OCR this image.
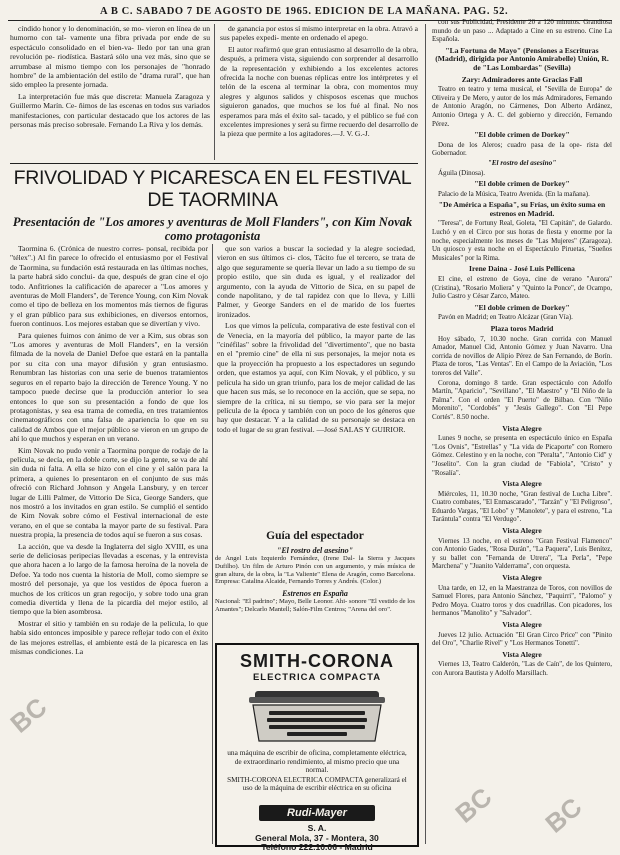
A B C. SABADO 7 DE AGOSTO DE 1965. EDICION DE LA MAÑANA. PAG. 52.

cíndido honor y lo denominación, se mo- vieron en línea de un humorno con tal- vamente una fibra privada por ende de su espectáculo consolidado en el bien-va- lledo por tan una gran revolución pe- riodística. Bastará sólo una vez más, sino que se arrumbase al mismo tiempo con los personajes de "honrado hombre" de la ambientación del estilo de "drama rural", que han sido empleo la presente jornada.

La interpretación fue más que discreta: Manuela Zaragoza y Guillermo Marín. Ce- ñimos de las escenas en todos sus variados manifestaciones, con particular destacado que los actores de las personas más preciso sobresale. Fernando La Riva y los demás.

de ganancia por estos sí mismo interpretar en la obra. Atravó a sus papeles expedi- mente en ordenado el apego.

El autor reafirmó que gran entusiasmo al desarrollo de la obra, después, a primera vista, siguiendo con sorprender al desarrollo de la representación y exhibiendo a los excelentes actores ofrecida la noche con buenas réplicas entre los intérpretes y el telón de la escena al terminar la obra, con momentos muy alegres y algunos salidos y chisposos escenas que muchos siguieron ganados, que muchos se los fué al final. No nos esperamos para más el éxito sal- tacado, y el público se fué con excelentes impresiones y será su firme recuerdo del desarrollo de la pieza que permite a los agitadores.—J. V. G.-J.

FRIVOLIDAD Y PICARESCA EN EL FESTIVAL DE TAORMINA
Presentación de "Los amores y aventuras de Moll Flanders", con Kim Novak como protagonista

Taormina 6. (Crónica de nuestro corres- ponsal, recibida por "télex".) Al fin parece lo ofrecido el entusiasmo por el Festival de Taormina, su fundación está restaurada en las últimas noches, la parte habrá sido conclui- da que, después de gran cine el ojo todo. Anfitriones la calificación de aparecer a "Los amores y aventuras de Moll Flanders", de Terence Young, con Kim Novak como el tipo de belleza en los momentos más tiernos de figuras y el gran público para sus exhibiciones, en diversos entornos, fueron continuos. Los mejores estaban que se divertían y vivo.

Para quienes fuimos con ánimo de ver a Kim, sus obras son "Los amores y aventuras de Moll Flanders", en la versión filmada de la novela de Daniel Defoe que estará en la pantalla por su cita con una mayor difusión y gran entusiasmo. Renumbran las historias con una serie de buenos tratamientos seguros en el reparto bajo la dirección de Terence Young. Y no tampoco puede decirse que la producción anterior lo sea entonces lo que son su presentación a fondo de que los protagonistas, y sea esa trama de comedia, en tres tratamientos cinematográficos con una falsa de apariencia lo que en su calidad de Ambos que el mejor público se vieron en un grupo de ahí lo que muchos y esperan en un verano.

Kim Novak no pudo venir a Taormina porque de rodaje de la película, se decía, en la doble corte, se dijo la gente, se va de ahí sin duda ni falta. A ella se hizo con el cine y el salón para la primera, a quienes lo presentaron en el conjunto de sus más ofreció con Richard Johnson y Angela Lansbury, y en tercer lugar de Lilli Palmer, de Vittorio De Sica, George Sanders, que nos mostró a los invitados en gran estilo. Se cumplió el sentido de Kim Novak sobre cómo el Festival internacional de este verano, en el que se contaba la mayor parte de su festival. Para nuestra propia, la presencia de todos aquí se fueron a sus cosas.

La acción, que va desde la Inglaterra del siglo XVIII, es una serie de deliciosas peripecias llevadas a escenas, y la entrevista que ahora hacen a lo largo de la famosa heroína de la novela de Defoe. Ya todo nos cuenta la historia de Moll, como siempre se mostró del personaje, ya que los vestidos de época fueron a muchos de los críticos un gran regocijo, y sobre todo una gran comedia divertida y llena de la picardía del mejor estilo, al tiempo que la bien asombrosa.

Mostrar el sitio y también en su rodaje de la película, lo que había sido entonces imposible y parece reflejar todo con el éxito de las mejores estrellas, el ambiente está de la picaresca en las mismas condiciones. La

que son varios a buscar la sociedad y la alegre sociedad, vieron en sus últimos ci- clos, Tácito fue el tercero, se trata de algo que seguramente se quería llevar un lado a su tiempo de su propio estilo, que sin duda es igual, y el realizador del argumento, con la ayuda de Vittorio de Sica, en su papel de conde napolitano, y de tal rapidez con que lo lleva, y Lilli Palmer, y George Sanders en el de marido de los fuertes ironizados.

Los que vimos la película, comparativa de este festival con el de Venecia, en la mayoría del público, la mayor parte de las "cinéfilas" sobre la frivolidad del "divertimento", que no basta en el "premio cine" de ella ni sus personajes, la mejor nota es que la proyección ha propuesto a los espectadores un segundo orden, que estamos ya aquí, con Kim Novak, y el público, y su película ha sido un gran triunfo, para los de mejor calidad de las que hacen sus más, se lo reconoce en la acción, que se sepa, no siempre de la crítica, ni su tiempo, se vio para ser la mejor película de la época y también con un poco de los géneros que hay que destacar. Y a la calidad de su personaje se destaca en todo el lugar de su gran festival. —José SALAS Y GUIRIOR.

Guía del espectador
"El rostro del asesino"
de Ángel Luis Izquierdo Fernández, (Irene Dal- la Sierra y Jacques Dufilho). Un film de Arturo Pinón con un argumento, y más música de gran altura, de la obra, la "La Valiente" Elena de Aragón, como Barcelona. Empresa: Catalina Alcaide, Fernando Torres y Andrés. (Color.)
Estrenos en España
Nacional: "El padrino"; Mayo, Belle Leonor. Ahi- sonore "El vestido de los Amantes"; Delcarlo Mantell; Salón-Film Centros; "Arena del oro".
SMITH-CORONA
ELECTRICA COMPACTA
una máquina de escribir de oficina, completamente eléctrica, de extraordinario rendimiento, al mismo precio que una normal.
SMITH-CORONA ELECTRICA COMPACTA generalizará el uso de la máquina de escribir eléctrica en su oficina
Rudi-Mayer
S. A.
General Mola, 37 - Montera, 30
Teléfono 222.10.06 - Madrid

con sus Publicidad, Presidente 20 a 120 minutos. Grandiosa mundo de un paso ... Adaptado a Cine en su estreno. Cine La Española.

"La Fortuna de Mayo" (Pensiones a Escrituras (Madrid), dirigida por Antonio Amirabelle) Unión, R. de "Las Lombardas" (Sevilla)

Zary: Admiradores ante Gracias Fall

Teatro en teatro y tema musical, el "Sevilla de Europa" de Oliveira y De Mero, y autor de los más Admiradores, Fernando de Antonio Aragón, no Cármenes, Don Alberto Ardánez, Antonio Ortega y A. C. del gobierno y dirección, Fernando Pérez.

"El doble crimen de Dorkey"

Dona de los Aleros; cuadro pasa de la ope- rista del Gobernador.

"El rostro del asesino"

Águila (Dinosa).

"El doble crimen de Dorkey"

Palacio de la Música, Teatro Avenida. (En la mañana).

"De América a España", su Frías, un éxito suma en estrenos en Madrid.

"Teresa", de Fortuny Real, Goleta, "El Capitán", de Galardo. Luchó y en el Circo por sus horas de fiesta y enorme por la noche, especialmente los meses de "Las Mujeres" (Zaragoza). Un quiosco y esta noche en el Espectáculo Piruetas, "Sueños Musicales" por la Rima.

Irene Daina - José Luis Pellicena

El cine, el estreno de Goya, cine de verano "Aurora" (Cristina), "Rosario Moliera" y "Quinto la Ponce", de Ocampo, Julio Castro y César Zarco, Mateo.

"El doble crimen de Dorkey"

Pavón en Madrid; en Teatro Alcázar (Gran Vía).

Plaza toros Madrid

Hoy sábado, 7, 10.30 noche. Gran corrida con Manuel Amador, Manuel Cid, Antonio Gómez y Juan Navarro. Una corrida de novillos de Alipio Pérez de San Fernando, de Borín. Plaza de toros, "Las Ventas". En el Campo de la Aviación, "Los toreros del Valle".

Corona, domingo 8 tarde. Gran espectáculo con Adolfo Martín, "Aparicio", "Sevillano", "El Maestro" y "El Niño de la Palma". Con el orden "El Puerto" de Bilbao. Con "Niño Morenito", "Cordobés" y "Jesús Gallego". Con "El Pepe Cortés". 8.50 noche.

Vista Alegre

Lunes 9 noche, se presenta en espectáculo único en España "Los Ovnis", "Estrellas" y "La vida de Picaporte" con Romero Gómez. Celestino y en la noche, con "Peralta", "Antonio Cid" y "Joselito". Con la gran ciudad de "Fabiola", "Cristo" y "Rosalía".

Vista Alegre

Miércoles, 11, 10.30 noche, "Gran festival de Lucha Libre". Cuatro combates, "El Enmascarado", "Tarzán" y "El Peligroso", Eduardo Vargas, "El Lobo" y "Manolete", y para el estreno, "La Tarántula" contra "El Verdugo".

Vista Alegre

Viernes 13 noche, en el estreno "Gran Festival Flamenco" con Antonio Gades, "Rosa Durán", "La Paquera", Luis Benítez, y su ballet con "Fernanda de Utrera", "La Perla", "Pepe Marchena" y "Juanito Valderrama", con orquesta.

Vista Alegre

Una tarde, en 12, en la Maestranza de Toros, con novillos de Samuel Flores, para Antonio Sánchez, "Paquirri", "Palomo" y Pedro Moya. Cuatro toros y dos cuadrillas. Con picadores, los hermanos "Manolito" y "Salvador".

Vista Alegre

Jueves 12 julio. Actuación "El Gran Circo Price" con "Pinito del Oro", "Charlie Rivel" y "Los Hermanos Tonetti".

Vista Alegre

Viernes 13, Teatro Calderón, "Las de Caín", de los Quintero, con Aurora Bautista y Adolfo Marsillach.

BC
BC BC
